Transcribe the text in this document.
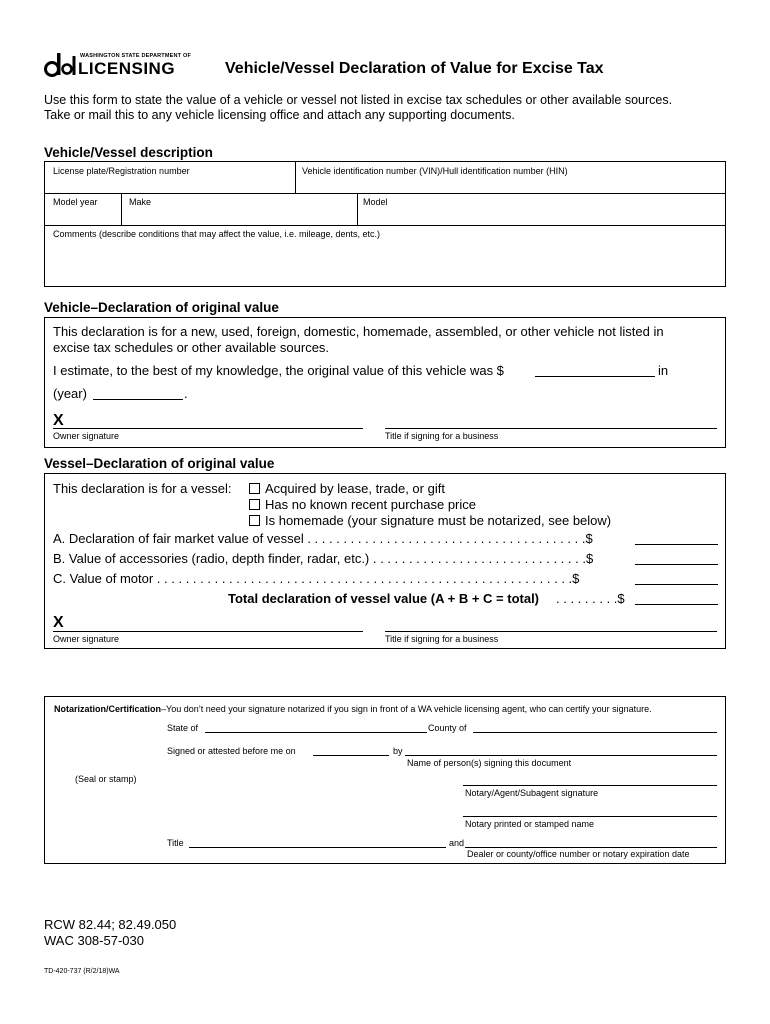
WASHINGTON STATE DEPARTMENT OF
LICENSING	Vehicle/Vessel Declaration of Value for Excise Tax
Use this form to state the value of a vehicle or vessel not listed in excise tax schedules or other available sources.
Take or mail this to any vehicle licensing office and attach any supporting documents.
Vehicle/Vessel description
License plate/Registration number	Vehicle identification number (VIN)/Hull identification number (HIN)
Model year	Make	Model
Comments (describe conditions that may affect the value, i.e. mileage, dents, etc.)
Vehicle–Declaration of original value
This declaration is for a new, used, foreign, domestic, homemade, assembled, or other vehicle not listed in
excise tax schedules or other available sources.
I estimate, to the best of my knowledge, the original value of this vehicle was $	in
(year)	.
X
Owner signature	Title if signing for a business
Vessel–Declaration of original value
This declaration is for a vessel:	Acquired by lease, trade, or gift
Has no known recent purchase price
Is homemade (your signature must be notarized, see below)
A. Declaration of fair market value of vessel . . . . . . . . . . . . . . . . . . . . . . . . . . . . . . . . . . . . . . .$
B. Value of accessories (radio, depth finder, radar, etc.) . . . . . . . . . . . . . . . . . . . . . . . . . . . . . .$
C. Value of motor . . . . . . . . . . . . . . . . . . . . . . . . . . . . . . . . . . . . . . . . . . . . . . . . . . . . . . . . . .$
Total declaration of vessel value (A + B + C = total) . . . . . . . . .$
X
Owner signature	Title if signing for a business
Notarization/Certification–You don’t need your signature notarized if you sign in front of a WA vehicle licensing agent, who can certify your signature.
State of	County of
Signed or attested before me on	by
Name of person(s) signing this document
(Seal or stamp)
Notary/Agent/Subagent signature
Notary printed or stamped name
Title	and
Dealer or county/office number or notary expiration date
RCW 82.44; 82.49.050
WAC 308-57-030
TD-420-737 (R/2/18)WA
